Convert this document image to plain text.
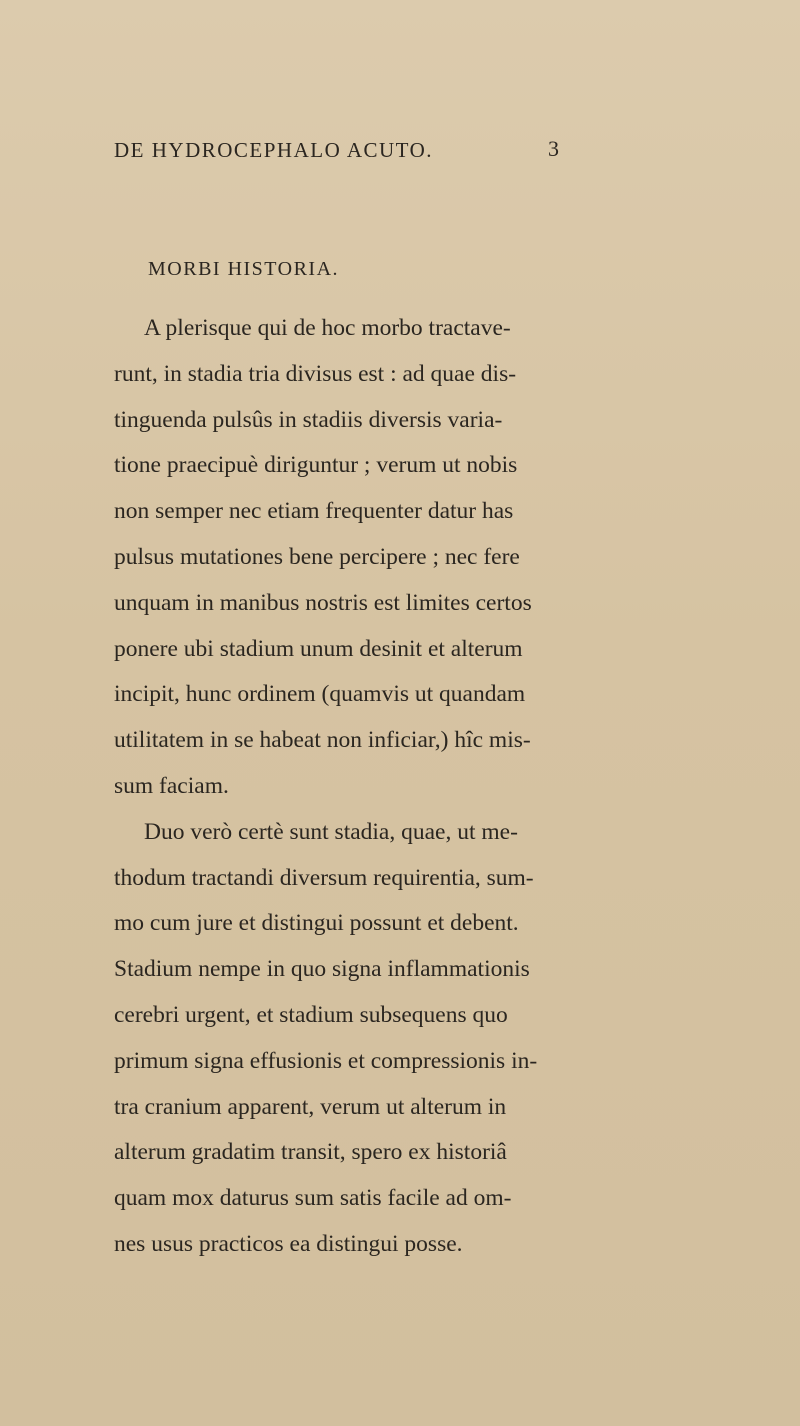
DE HYDROCEPHALO ACUTO.	3
MORBI HISTORIA.
A plerisque qui de hoc morbo tractave-
runt, in stadia tria divisus est : ad quae dis-
tinguenda pulsûs in stadiis diversis varia-
tione praecipuè diriguntur ; verum ut nobis
non semper nec etiam frequenter datur has
pulsus mutationes bene percipere ; nec fere
unquam in manibus nostris est limites certos
ponere ubi stadium unum desinit et alterum
incipit, hunc ordinem (quamvis ut quandam
utilitatem in se habeat non inficiar,) hîc mis-
sum faciam.
Duo verò certè sunt stadia, quae, ut me-
thodum tractandi diversum requirentia, sum-
mo cum jure et distingui possunt et debent.
Stadium nempe in quo signa inflammationis
cerebri urgent, et stadium subsequens quo
primum signa effusionis et compressionis in-
tra cranium apparent, verum ut alterum in
alterum gradatim transit, spero ex historiâ
quam mox daturus sum satis facile ad om-
nes usus practicos ea distingui posse.
